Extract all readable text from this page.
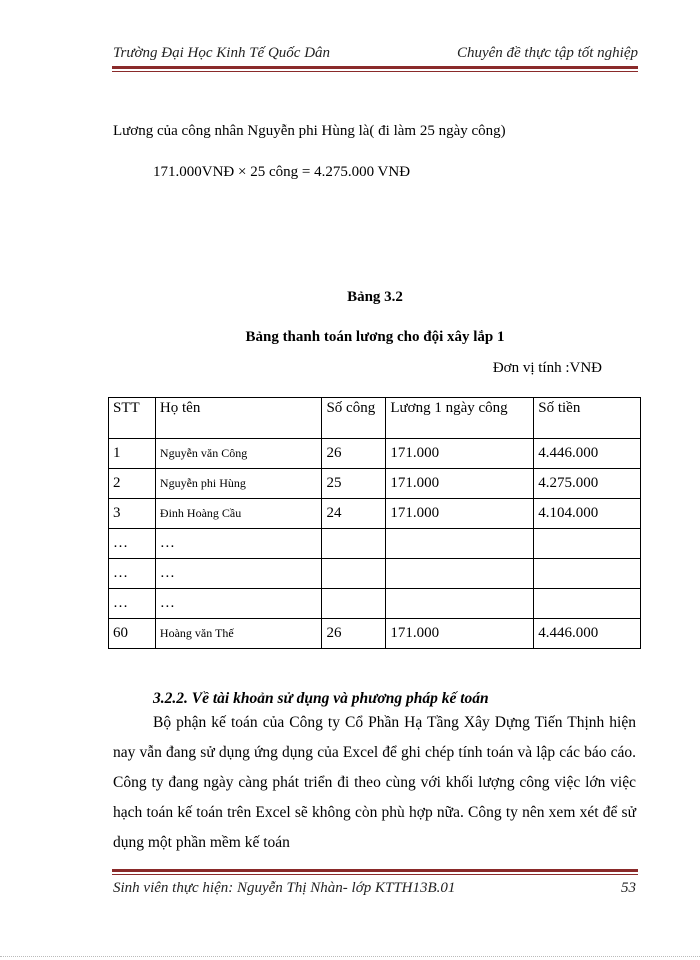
Trường Đại Học Kinh Tế Quốc Dân	Chuyên đề thực tập tốt nghiệp
Lương của công nhân Nguyễn phi Hùng là( đi làm 25 ngày công)
171.000VNĐ × 25 công = 4.275.000 VNĐ
Bảng 3.2
Bảng thanh toán lương cho đội xây lắp 1
Đơn vị tính :VNĐ
STT	Họ tên	Số công	Lương 1 ngày công	Số tiền
1	Nguyễn văn Công	26	171.000	4.446.000
2	Nguyễn phi Hùng	25	171.000	4.275.000
3	Đinh Hoàng Cầu	24	171.000	4.104.000
…	…			
…	…			
…	…			
60	Hoàng văn Thế	26	171.000	4.446.000
3.2.2. Về tài khoản sử dụng và phương pháp kế toán
Bộ phận kế toán của Công ty Cổ Phần Hạ Tầng Xây Dựng Tiến Thịnh hiện nay vẫn đang sử dụng ứng dụng của Excel để ghi chép tính toán và lập các báo cáo. Công ty đang ngày càng phát triển đi theo cùng với khối lượng công việc lớn việc hạch toán kế toán trên Excel sẽ không còn phù hợp nữa. Công ty nên xem xét để sử dụng một phần mềm kế toán
Sinh viên thực hiện: Nguyễn Thị Nhàn- lớp KTTH13B.01	53
